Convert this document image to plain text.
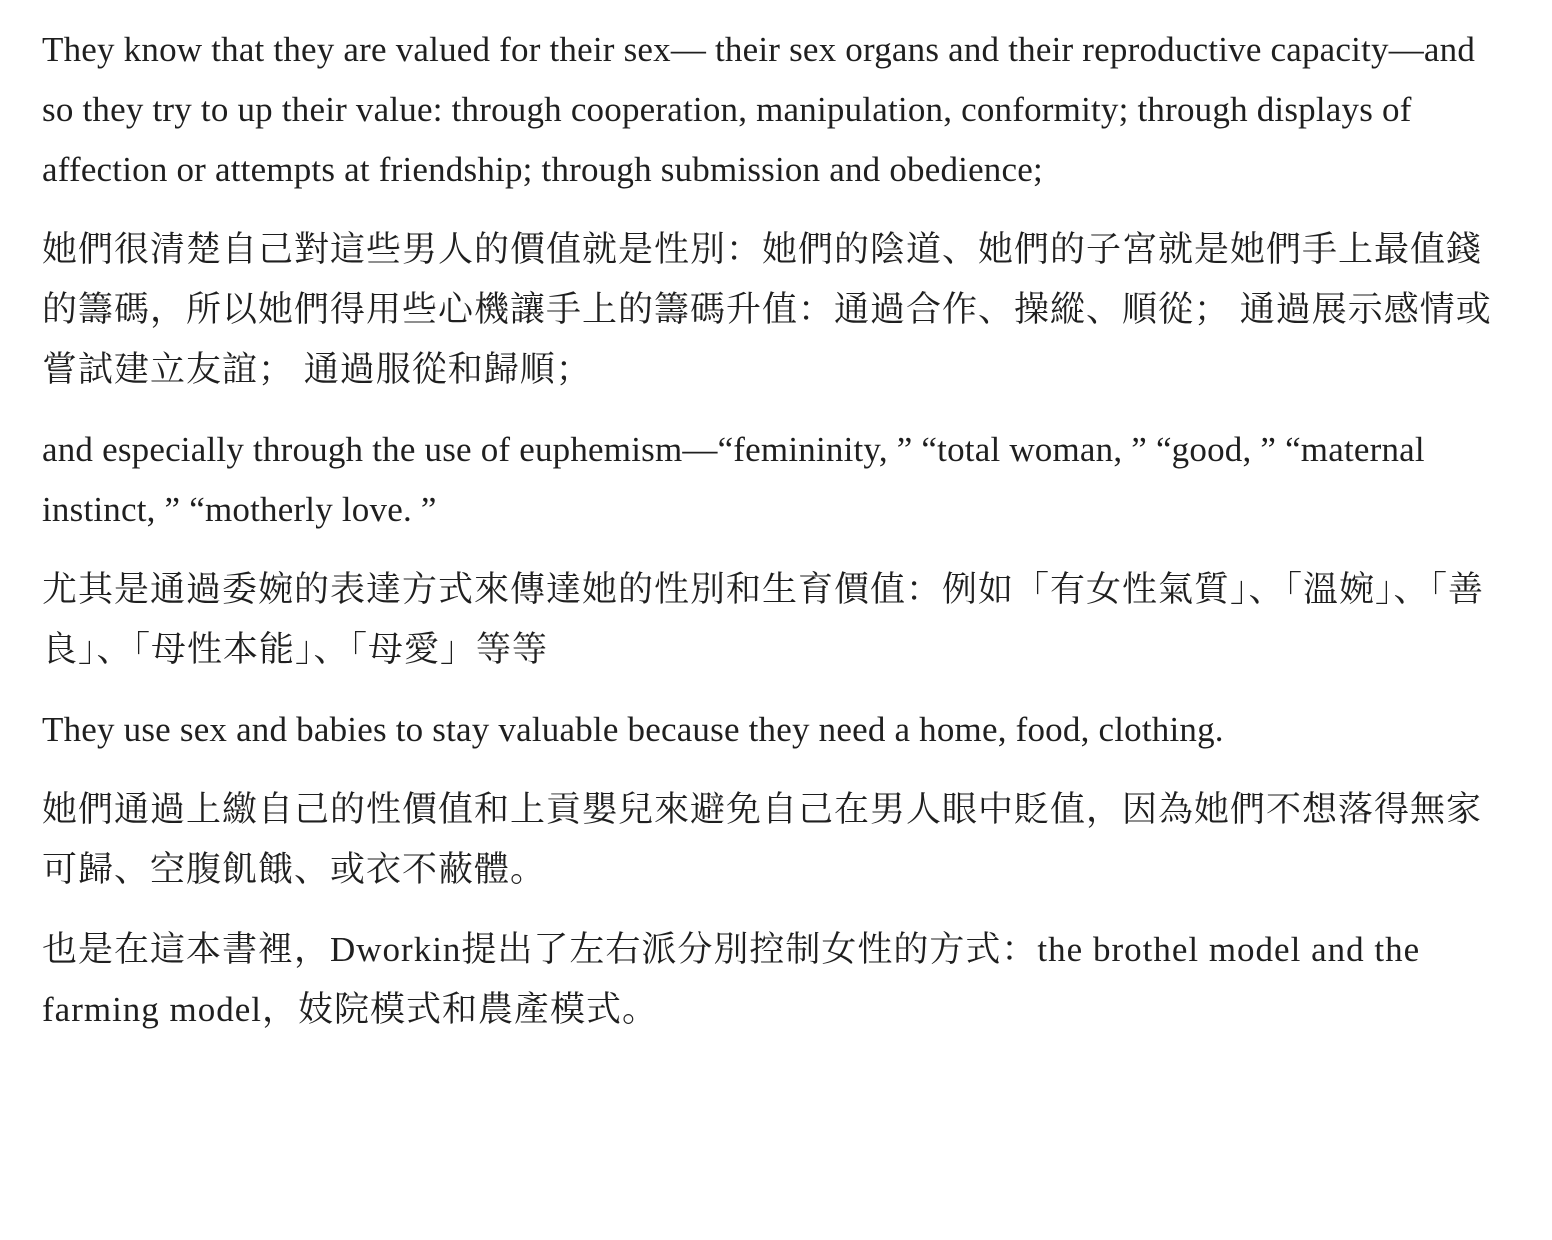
They know that they are valued for their sex— their sex organs and their reproductive capacity—and so they try to up their value: through cooperation, manipulation, conformity; through displays of affection or attempts at friendship; through submission and obedience;

她們很清楚自己對這些男人的價值就是性別：她們的陰道、她們的子宮就是她們手上最值錢的籌碼，所以她們得用些心機讓手上的籌碼升值：通過合作、操縱、順從； 通過展示感情或嘗試建立友誼； 通過服從和歸順；

and especially through the use of euphemism—“femininity, ” “total woman, ” “good, ” “maternal instinct, ” “motherly love. ”

尤其是通過委婉的表達方式來傳達她的性別和生育價值：例如「有女性氣質」、「溫婉」、「善良」、「母性本能」、「母愛」等等

They use sex and babies to stay valuable because they need a home, food, clothing.

她們通過上繳自己的性價值和上貢嬰兒來避免自己在男人眼中貶值，因為她們不想落得無家可歸、空腹飢餓、或衣不蔽體。

也是在這本書裡，Dworkin提出了左右派分別控制女性的方式：the brothel model and the farming model，妓院模式和農產模式。
